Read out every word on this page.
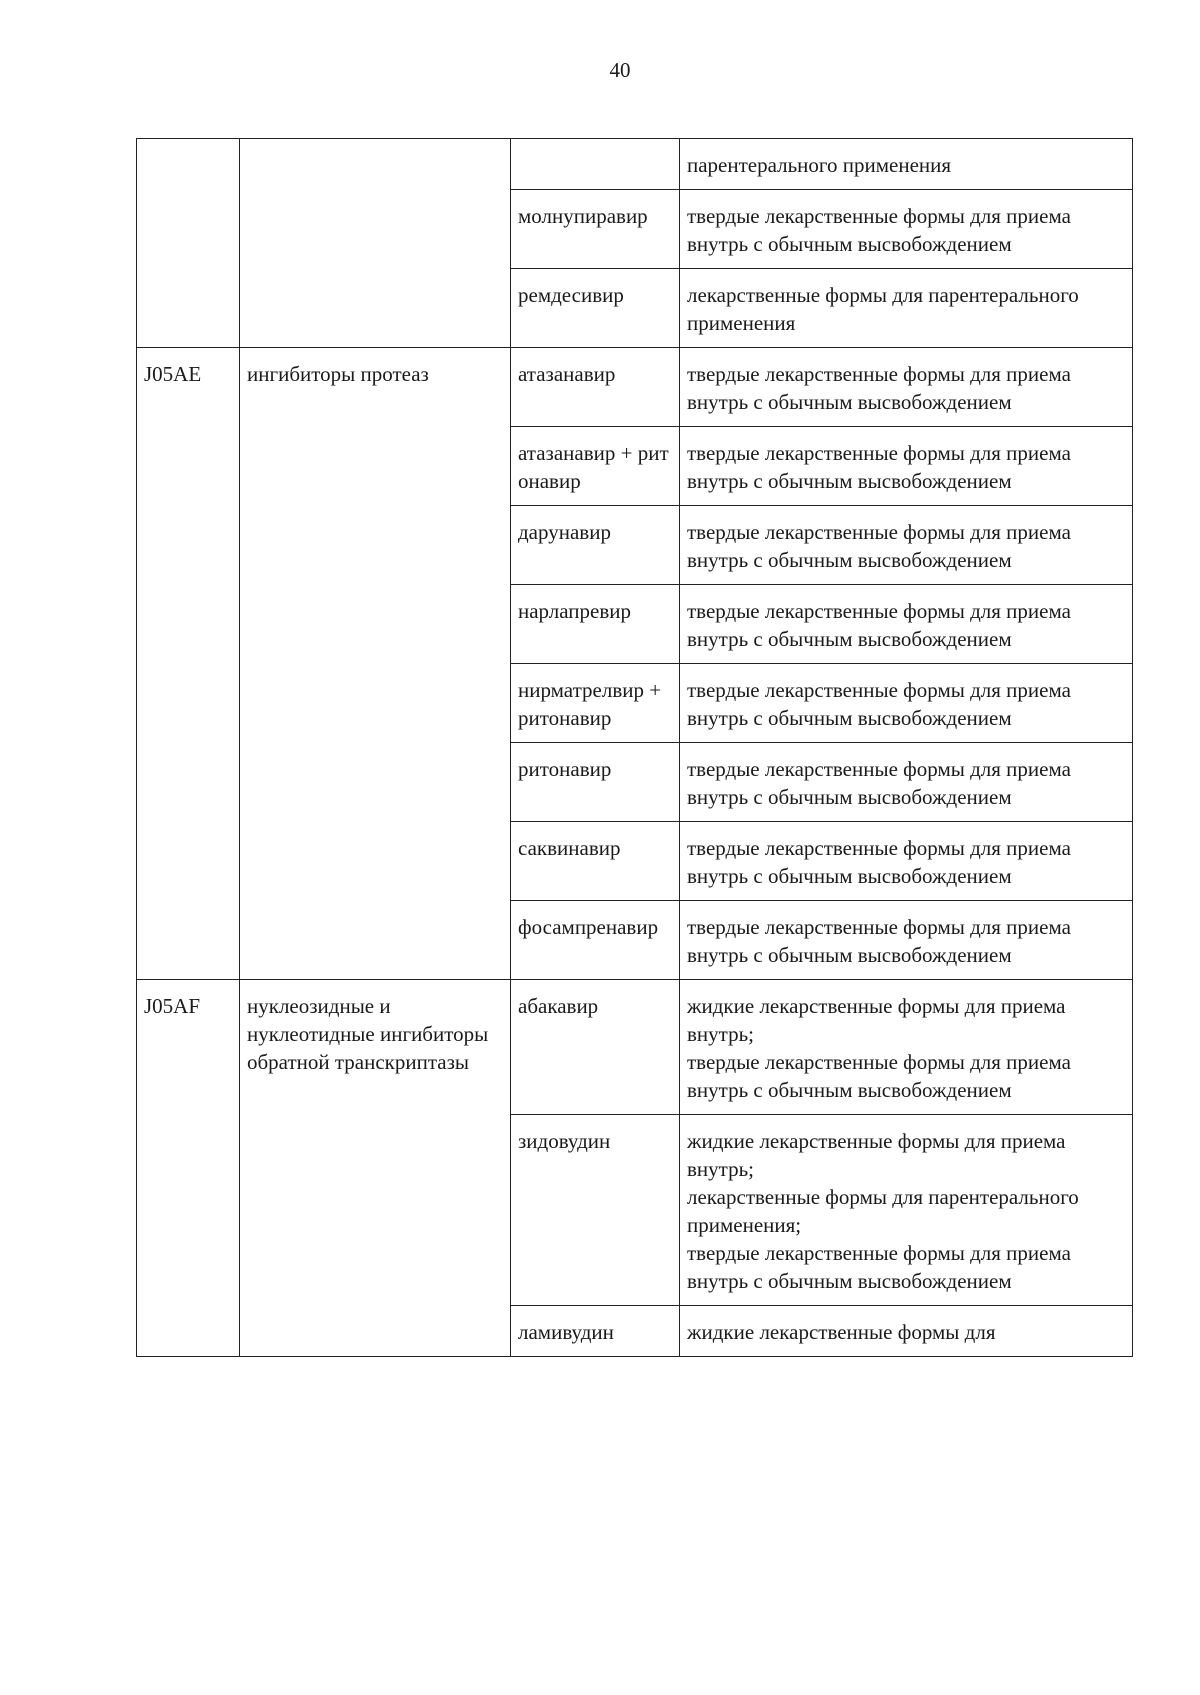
40

			парентерального применения

		молнупиравир	твердые лекарственные формы для приема внутрь с обычным высвобождением

		ремдесивир	лекарственные формы для парентерального применения

J05AE	ингибиторы протеаз	атазанавир	твердые лекарственные формы для приема внутрь с обычным высвобождением

		атазанавир + ритонавир	твердые лекарственные формы для приема внутрь с обычным высвобождением

		дарунавир	твердые лекарственные формы для приема внутрь с обычным высвобождением

		нарлапревир	твердые лекарственные формы для приема внутрь с обычным высвобождением

		нирматрелвир + ритонавир	твердые лекарственные формы для приема внутрь с обычным высвобождением

		ритонавир	твердые лекарственные формы для приема внутрь с обычным высвобождением

		саквинавир	твердые лекарственные формы для приема внутрь с обычным высвобождением

		фосампренавир	твердые лекарственные формы для приема внутрь с обычным высвобождением

J05AF	нуклеозидные и нуклеотидные ингибиторы обратной транскриптазы	абакавир	жидкие лекарственные формы для приема внутрь;
твердые лекарственные формы для приема внутрь с обычным высвобождением

		зидовудин	жидкие лекарственные формы для приема внутрь;
лекарственные формы для парентерального применения;
твердые лекарственные формы для приема внутрь с обычным высвобождением

		ламивудин	жидкие лекарственные формы для
